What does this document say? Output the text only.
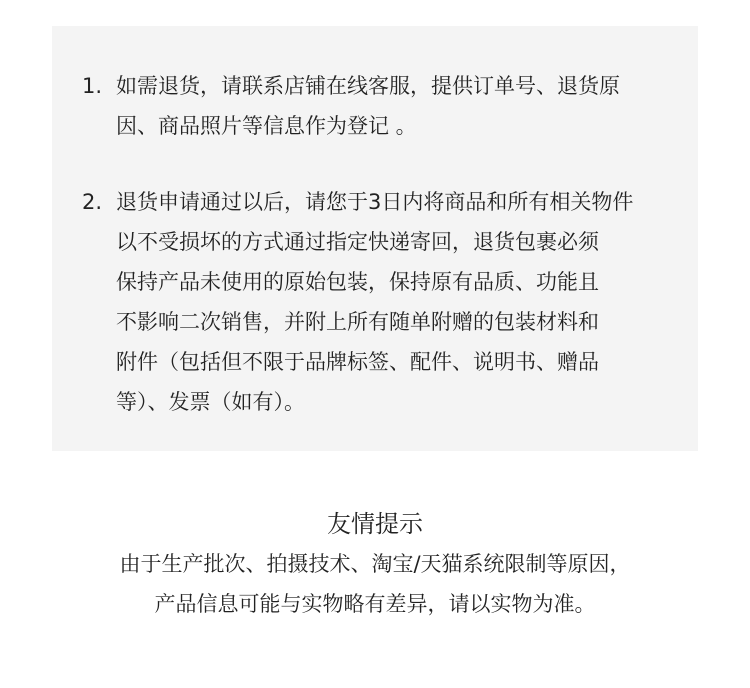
1. 如需退货，请联系店铺在线客服，提供订单号、退货原
因、商品照片等信息作为登记 。
2. 退货申请通过以后，请您于3日内将商品和所有相关物件
以不受损坏的方式通过指定快递寄回，退货包裹必须
保持产品未使用的原始包装，保持原有品质、功能且
不影响二次销售，并附上所有随单附赠的包装材料和
附件（包括但不限于品牌标签、配件、说明书、赠品
等）、发票（如有）。
友情提示
由于生产批次、拍摄技术、淘宝/天猫系统限制等原因，
产品信息可能与实物略有差异，请以实物为准。
